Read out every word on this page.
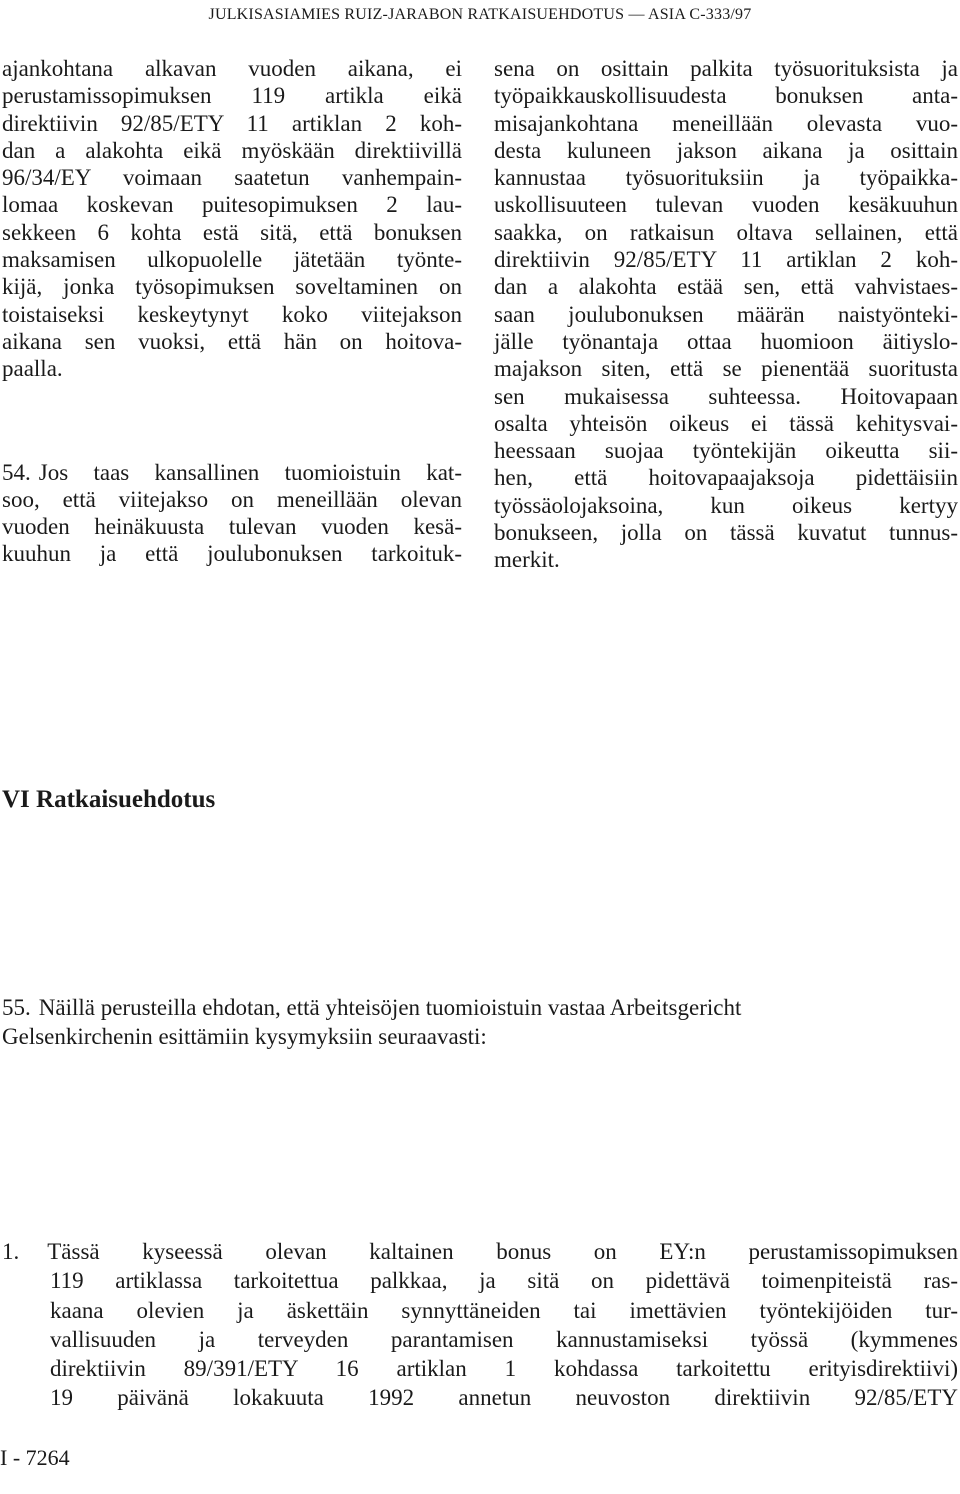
JULKISASIAMIES RUIZ-JARABON RATKAISUEHDOTUS — ASIA C-333/97
ajankohtana alkavan vuoden aikana, ei
perustamissopimuksen 119 artikla eikä
direktiivin 92/85/ETY 11 artiklan 2 koh-
dan a alakohta eikä myöskään direktiivillä
96/34/EY voimaan saatetun vanhempain-
lomaa koskevan puitesopimuksen 2 lau-
sekkeen 6 kohta estä sitä, että bonuksen
maksamisen ulkopuolelle jätetään työnte-
kijä, jonka työsopimuksen soveltaminen on
toistaiseksi keskeytynyt koko viitejakson
aikana sen vuoksi, että hän on hoitova-
paalla.
54. Jos taas kansallinen tuomioistuin kat-
soo, että viitejakso on meneillään olevan
vuoden heinäkuusta tulevan vuoden kesä-
kuuhun ja että joulubonuksen tarkoituk-
sena on osittain palkita työsuorituksista ja
työpaikkauskollisuudesta bonuksen anta-
misajankohtana meneillään olevasta vuo-
desta kuluneen jakson aikana ja osittain
kannustaa työsuorituksiin ja työpaikka-
uskollisuuteen tulevan vuoden kesäkuuhun
saakka, on ratkaisun oltava sellainen, että
direktiivin 92/85/ETY 11 artiklan 2 koh-
dan a alakohta estää sen, että vahvistaes-
saan joulubonuksen määrän naistyönteki-
jälle työnantaja ottaa huomioon äitiyslo-
majakson siten, että se pienentää suoritusta
sen mukaisessa suhteessa. Hoitovapaan
osalta yhteisön oikeus ei tässä kehitysvai-
heessaan suojaa työntekijän oikeutta sii-
hen, että hoitovapaajaksoja pidettäisiin
työssäolojaksoina, kun oikeus kertyy
bonukseen, jolla on tässä kuvatut tunnus-
merkit.
VI Ratkaisuehdotus
55. Näillä perusteilla ehdotan, että yhteisöjen tuomioistuin vastaa Arbeitsgericht
Gelsenkirchenin esittämiin kysymyksiin seuraavasti:
1. Tässä kyseessä olevan kaltainen bonus on EY:n perustamissopimuksen
119 artiklassa tarkoitettua palkkaa, ja sitä on pidettävä toimenpiteistä ras-
kaana olevien ja äskettäin synnyttäneiden tai imettävien työntekijöiden tur-
vallisuuden ja terveyden parantamisen kannustamiseksi työssä (kymmenes
direktiivin 89/391/ETY 16 artiklan 1 kohdassa tarkoitettu erityisdirektiivi)
19 päivänä lokakuuta 1992 annetun neuvoston direktiivin 92/85/ETY
I - 7264
